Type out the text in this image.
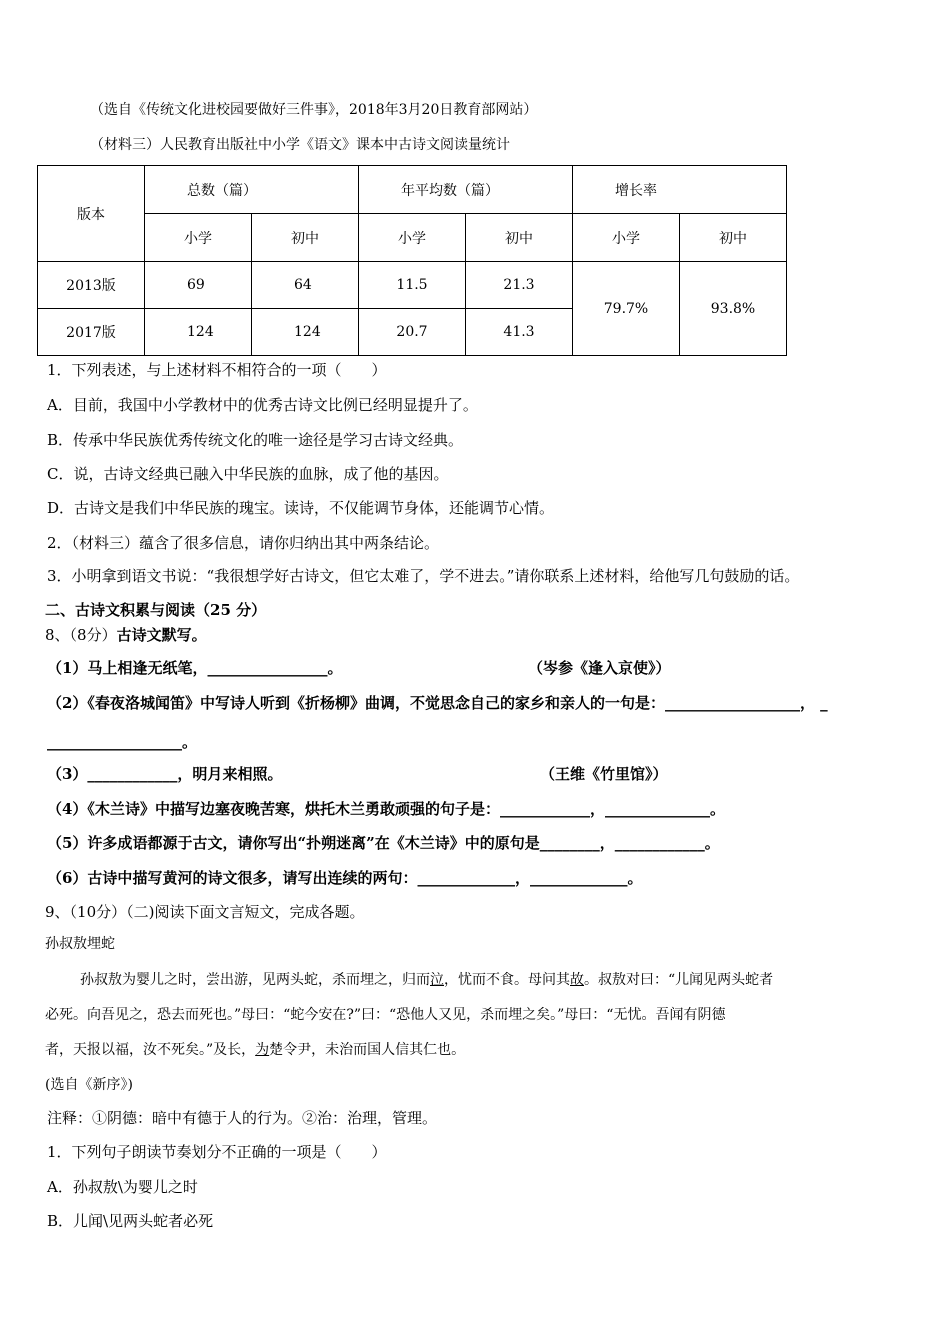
（选自《传统文化进校园要做好三件事》，2018年3月20日教育部网站）
（材料三）人民教育出版社中小学《语文》课本中古诗文阅读量统计
版本	总数（篇）		年平均数（篇）		增长率	
	小学	初中	小学	初中	小学	初中
2013版	69	64	11.5	21.3	79.7%	93.8%
2017版	124	124	20.7	41.3		
1．下列表述，与上述材料不相符合的一项（　　）
A．目前，我国中小学教材中的优秀古诗文比例已经明显提升了。
B．传承中华民族优秀传统文化的唯一途径是学习古诗文经典。
C．说，古诗文经典已融入中华民族的血脉，成了他的基因。
D．古诗文是我们中华民族的瑰宝。读诗，不仅能调节身体，还能调节心情。
2．（材料三）蕴含了很多信息，请你归纳出其中两条结论。
3．小明拿到语文书说：“我很想学好古诗文，但它太难了，学不进去。”请你联系上述材料，给他写几句鼓励的话。
二、古诗文积累与阅读（25 分）
8、（8分）古诗文默写。
（1）马上相逢无纸笔，________________。	（岑参《逢入京使》）
（2）《春夜洛城闻笛》中写诗人听到《折杨柳》曲调，不觉思念自己的家乡和亲人的一句是：__________________， _
__________________。
（3）____________，明月来相照。	（王维《竹里馆》）
（4）《木兰诗》中描写边塞夜晚苦寒，烘托木兰勇敢顽强的句子是：____________，______________。
（5）许多成语都源于古文，请你写出“扑朔迷离”在《木兰诗》中的原句是________，____________。
（6）古诗中描写黄河的诗文很多，请写出连续的两句：_____________，_____________。
9、（10分）（二)阅读下面文言短文，完成各题。
孙叔敖埋蛇
孙叔敖为婴儿之时，尝出游，见两头蛇，杀而埋之，归而泣，忧而不食。母问其故。叔敖对曰：“儿闻见两头蛇者
必死。向吾见之，恐去而死也。”母曰：“蛇今安在?”曰：“恐他人又见，杀而埋之矣。”母曰：“无忧。吾闻有阴德
者，天报以福，汝不死矣。”及长，为楚令尹，未治而国人信其仁也。
(选自《新序》)
注释：①阴德：暗中有德于人的行为。②治：治理，管理。
1．下列句子朗读节奏划分不正确的一项是（　　）
A．孙叔敖\为婴儿之时
B．儿闻\见两头蛇者必死
